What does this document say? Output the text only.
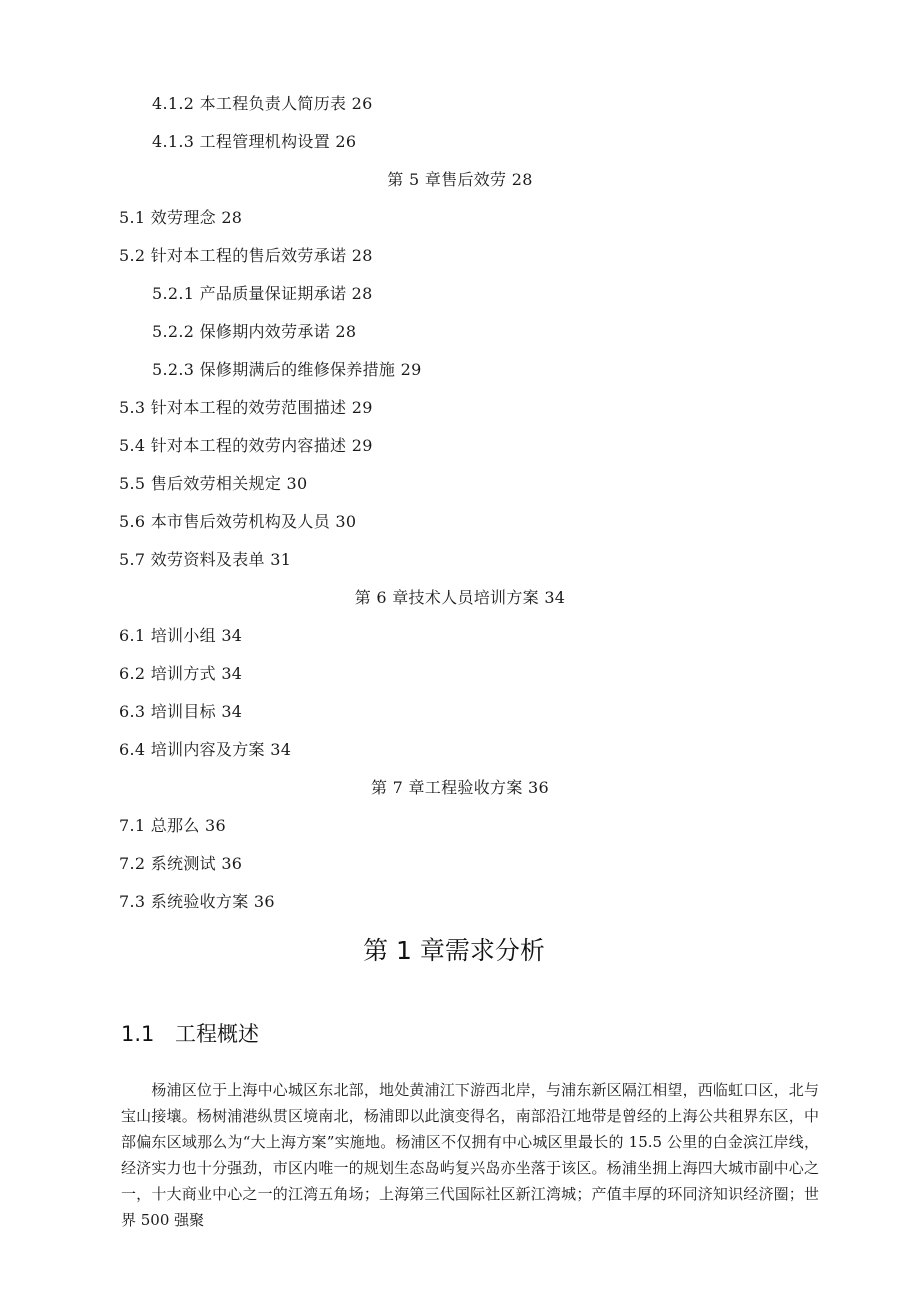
4.1.2 本工程负责人简历表 26
4.1.3 工程管理机构设置 26
第 5 章售后效劳 28
5.1 效劳理念 28
5.2 针对本工程的售后效劳承诺 28
5.2.1 产品质量保证期承诺 28
5.2.2 保修期内效劳承诺 28
5.2.3 保修期满后的维修保养措施 29
5.3 针对本工程的效劳范围描述 29
5.4 针对本工程的效劳内容描述 29
5.5 售后效劳相关规定 30
5.6 本市售后效劳机构及人员 30
5.7 效劳资料及表单 31
第 6 章技术人员培训方案 34
6.1 培训小组 34
6.2 培训方式 34
6.3 培训目标 34
6.4 培训内容及方案 34
第 7 章工程验收方案 36
7.1 总那么 36
7.2 系统测试 36
7.3 系统验收方案 36
第 1 章需求分析
1.1 工程概述
　　杨浦区位于上海中心城区东北部，地处黄浦江下游西北岸，与浦东新区隔江相望，西临虹口区，北与宝山接壤。杨树浦港纵贯区境南北，杨浦即以此演变得名，南部沿江地带是曾经的上海公共租界东区，中部偏东区域那么为“大上海方案”实施地。杨浦区不仅拥有中心城区里最长的 15.5 公里的白金滨江岸线，经济实力也十分强劲，市区内唯一的规划生态岛屿复兴岛亦坐落于该区。杨浦坐拥上海四大城市副中心之一，十大商业中心之一的江湾五角场；上海第三代国际社区新江湾城；产值丰厚的环同济知识经济圈；世界 500 强聚
